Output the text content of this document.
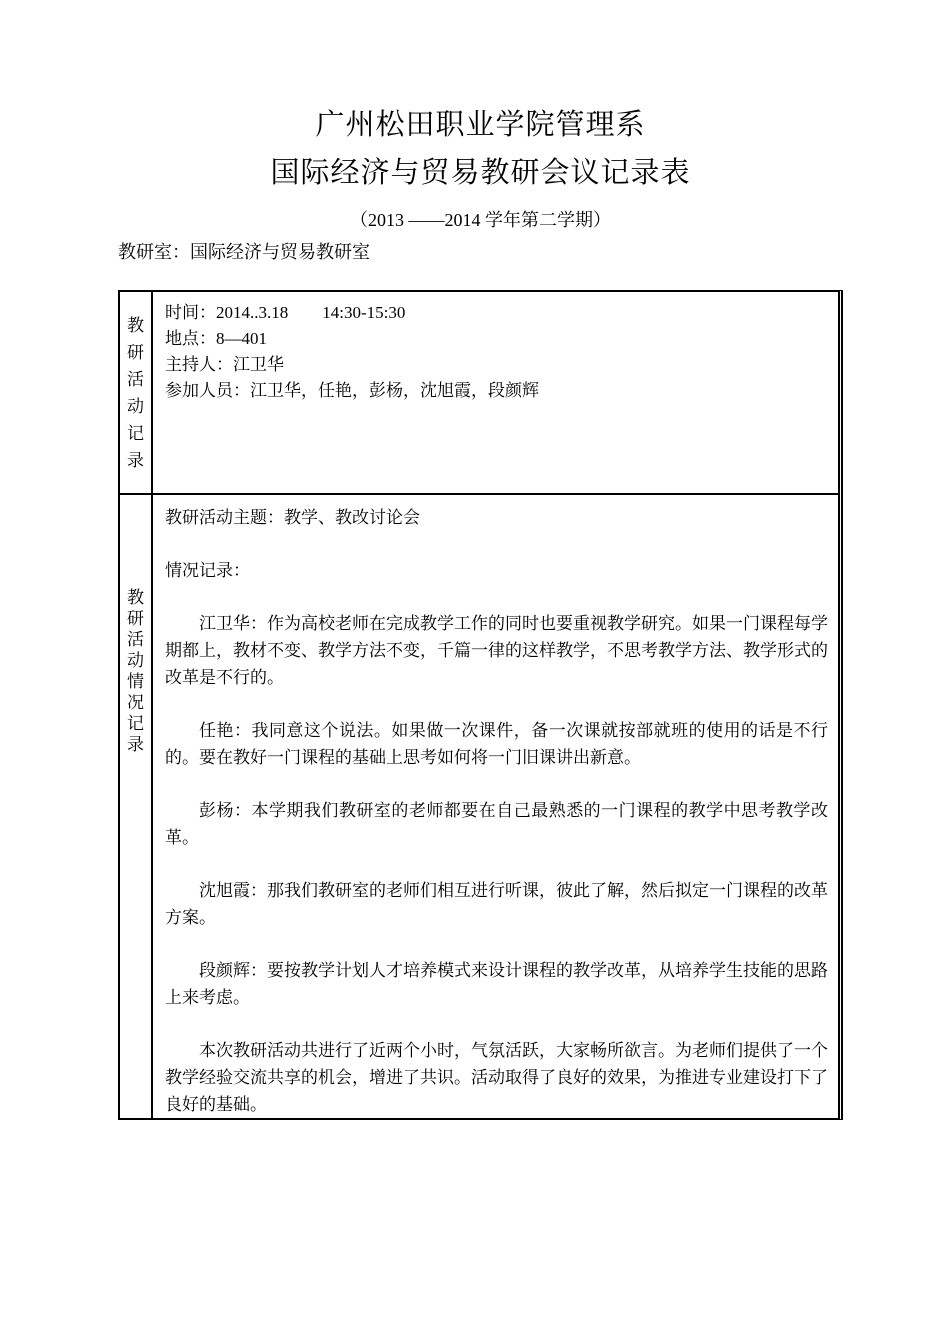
广州松田职业学院管理系
国际经济与贸易教研会议记录表
（2013 ——2014 学年第二学期）
教研室：国际经济与贸易教研室
教研活动记录
时间：2014..3.18　　14:30-15:30
地点：8—401
主持人：江卫华
参加人员：江卫华，任艳，彭杨，沈旭霞，段颜辉
教研活动情况记录

教研活动主题：教学、教改讨论会

情况记录：

江卫华：作为高校老师在完成教学工作的同时也要重视教学研究。如果一门课程每学期都上，教材不变、教学方法不变，千篇一律的这样教学，不思考教学方法、教学形式的改革是不行的。

任艳：我同意这个说法。如果做一次课件，备一次课就按部就班的使用的话是不行的。要在教好一门课程的基础上思考如何将一门旧课讲出新意。

彭杨：本学期我们教研室的老师都要在自己最熟悉的一门课程的教学中思考教学改革。

沈旭霞：那我们教研室的老师们相互进行听课，彼此了解，然后拟定一门课程的改革方案。

段颜辉：要按教学计划人才培养模式来设计课程的教学改革，从培养学生技能的思路上来考虑。

本次教研活动共进行了近两个小时，气氛活跃，大家畅所欲言。为老师们提供了一个教学经验交流共享的机会，增进了共识。活动取得了良好的效果，为推进专业建设打下了良好的基础。
